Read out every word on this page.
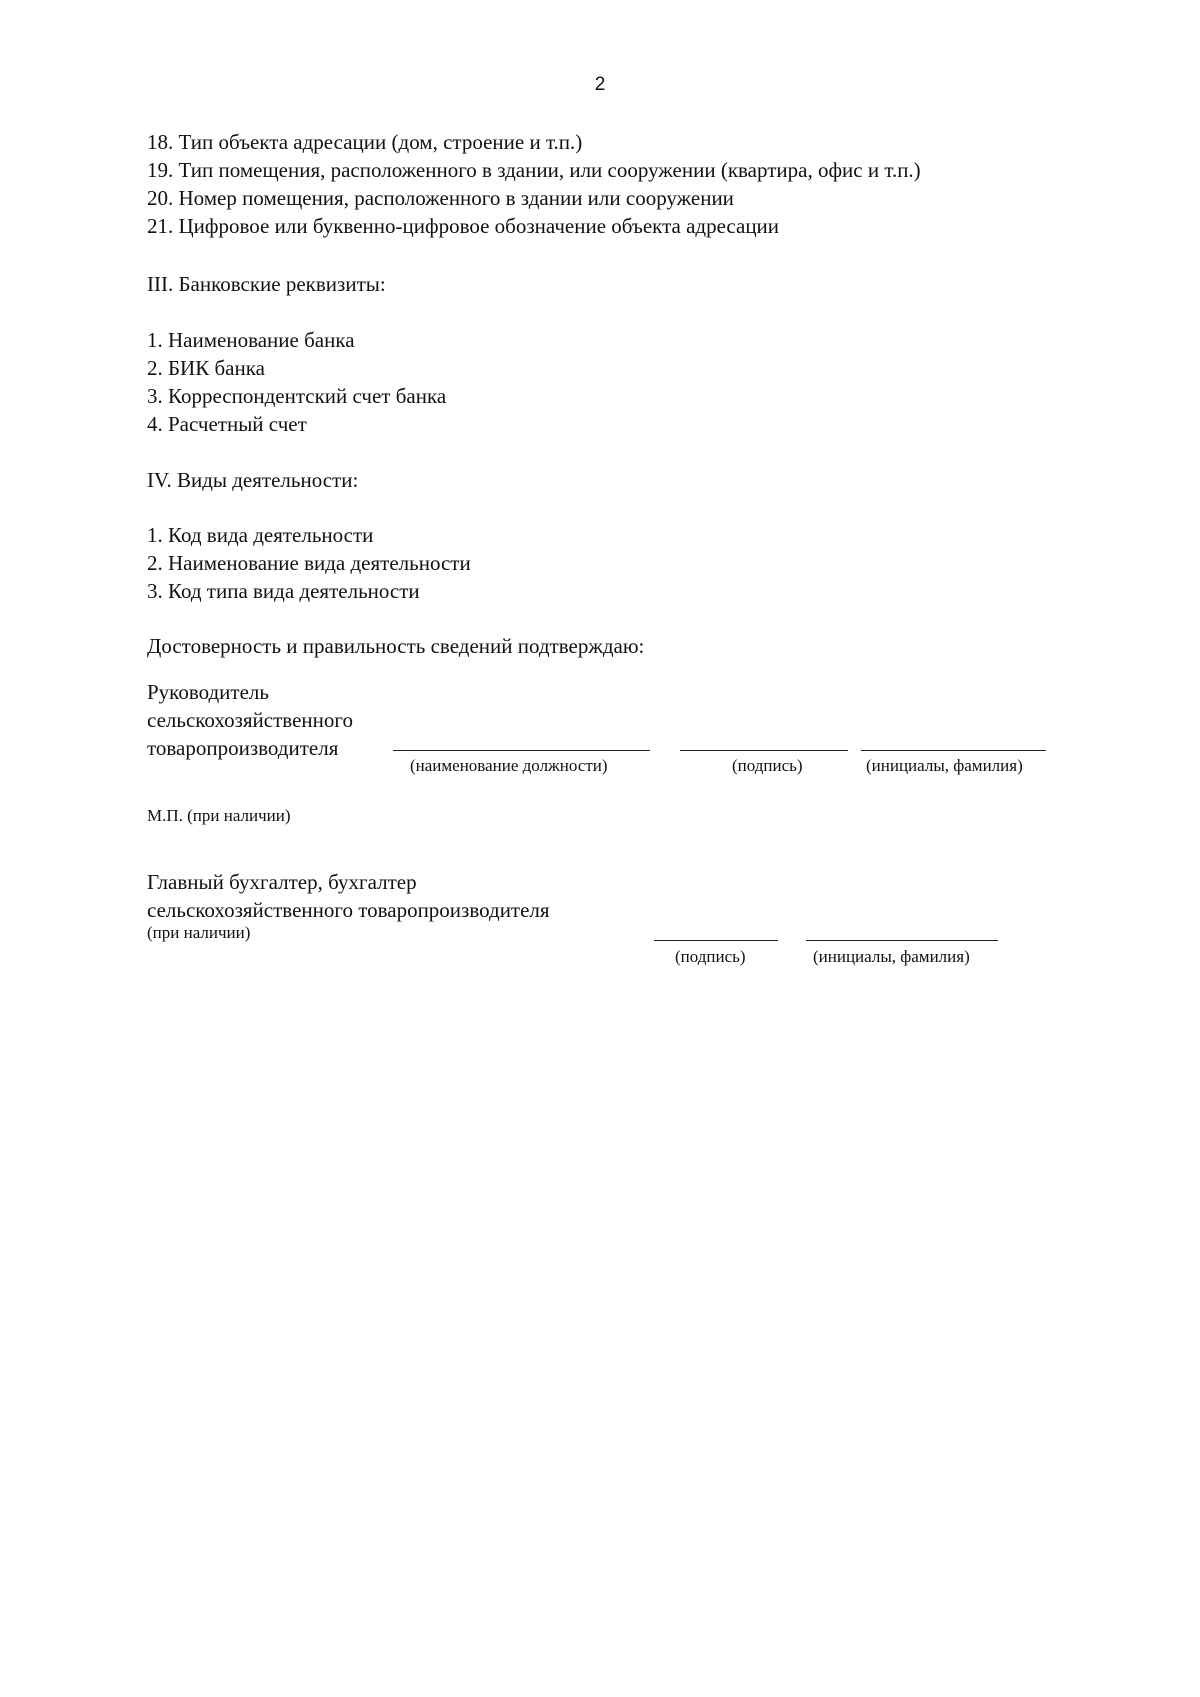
2
18. Тип объекта адресации (дом, строение и т.п.)
19. Тип помещения, расположенного в здании, или сооружении (квартира, офис и т.п.)
20. Номер помещения, расположенного в здании или сооружении
21. Цифровое или буквенно-цифровое обозначение объекта адресации
III. Банковские реквизиты:
1. Наименование банка
2. БИК банка
3. Корреспондентский счет банка
4. Расчетный счет
IV. Виды деятельности:
1. Код вида деятельности
2. Наименование вида деятельности
3. Код типа вида деятельности
Достоверность и правильность сведений подтверждаю:
Руководитель
сельскохозяйственного
товаропроизводителя
(наименование должности)	(подпись)	(инициалы, фамилия)
М.П. (при наличии)
Главный бухгалтер, бухгалтер
сельскохозяйственного товаропроизводителя
(при наличии)
(подпись)	(инициалы, фамилия)
